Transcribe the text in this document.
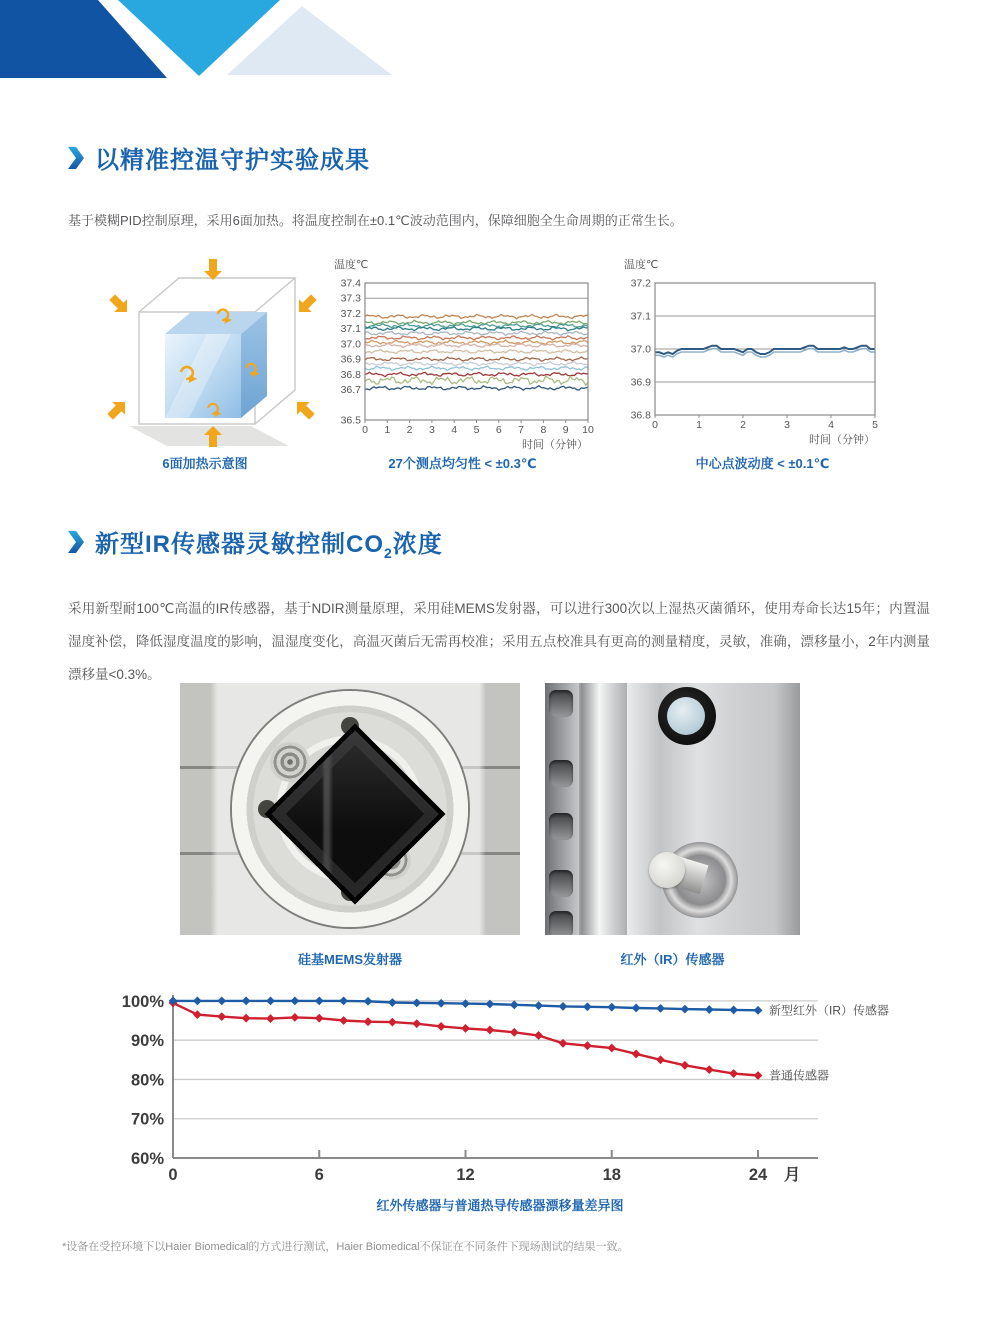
以精准控温守护实验成果

基于模糊PID控制原理，采用6面加热。将温度控制在±0.1℃波动范围内，保障细胞全生命周期的正常生长。

37.4
37.3
37.2
37.1
37.0
36.9
36.8
36.7
36.5
0 1 2 3 4 5 6 7 8 9 10
温度℃
时间（分钟）
37.2
37.1
37.0
36.9
36.8
0	1	2	3	4	5
温度℃
时间（分钟）
6面加热示意图	27个测点均匀性 < ±0.3℃	中心点波动度 < ±0.1℃
新型IR传感器灵敏控制$CO_2$浓度

采用新型耐100℃高温的IR传感器，基于NDIR测量原理，采用硅MEMS发射器，可以进行300次以上湿热灭菌循环，使用寿命长达15年；内置温湿度补偿，降低湿度温度的影响，温湿度变化，高温灭菌后无需再校准；采用五点校准具有更高的测量精度，灵敏，准确，漂移量小，2年内测量漂移量<0.3%。

硅基MEMS发射器	红外（IR）传感器
0	6	12	18	24 月
100%
90%
80%
70%
60%
普通传感器
新型红外（IR）传感器
红外传感器与普通热导传感器漂移量差异图
*设备在受控环境下以Haier Biomedical的方式进行测试，Haier Biomedical不保证在不同条件下现场测试的结果一致。
